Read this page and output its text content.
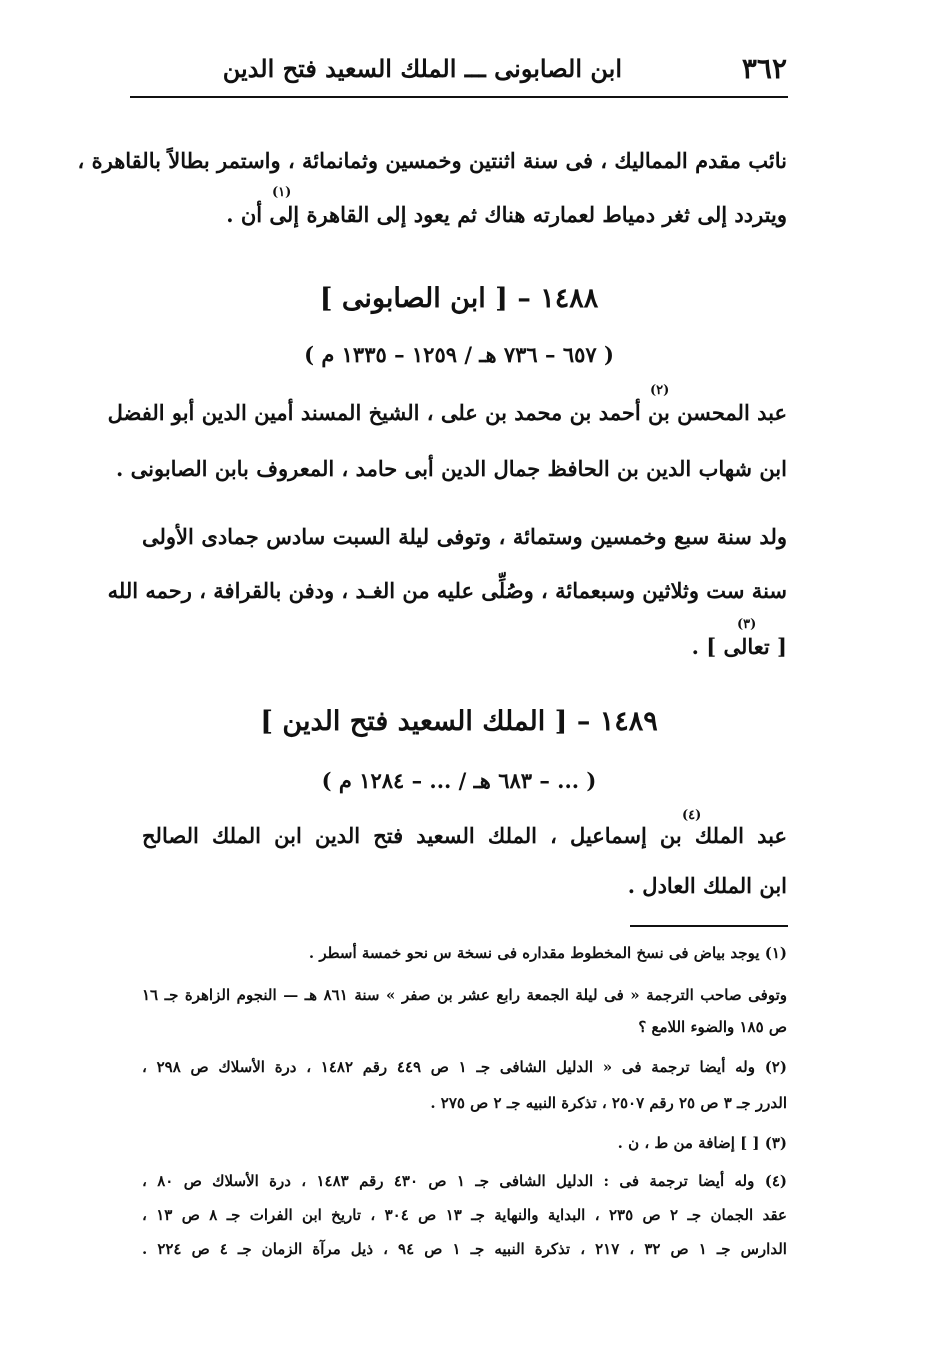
٣٦٢
ابن الصابونى ـــ الملك السعيد فتح الدين
نائب مقدم المماليك ، فى سنة اثنتين وخمسين وثمانمائة ، واستمر بطالاً بالقاهرة ،
(١)
ويتردد إلى ثغر دمياط لعمارته هناك ثم يعود إلى القاهرة إلى أن .
١٤٨٨ – [ ابن الصابونى ]
( ٦٥٧ – ٧٣٦ هـ / ١٢٥٩ – ١٣٣٥ م )
(٢)
عبد المحسن بن أحمد بن محمد بن على ، الشيخ المسند أمين الدين أبو الفضل
ابن شهاب الدين بن الحافظ جمال الدين أبى حامد ، المعروف بابن الصابونى .
ولد سنة سبع وخمسين وستمائة ، وتوفى ليلة السبت سادس جمادى الأولى
سنة ست وثلاثين وسبعمائة ، وصُلِّى عليه من الغـد ، ودفن بالقرافة ، رحمه الله
(٣)
[ تعالى ] .
١٤٨٩ – [ الملك السعيد فتح الدين ]
( ... – ٦٨٣ هـ / ... – ١٢٨٤ م )
(٤)
عبد الملك بن إسماعيل ، الملك السعيد فتح الدين ابن الملك الصالح
ابن الملك العادل .
(١) يوجد بياض فى نسخ المخطوط مقداره فى نسخة س نحو خمسة أسطر .
وتوفى صاحب الترجمة « فى ليلة الجمعة رابع عشر بن صفر » سنة ٨٦١ هـ — النجوم الزاهرة جـ ١٦
ص ١٨٥ والضوء اللامع ؟
(٢) وله أيضا ترجمة فى « الدليل الشافى جـ ١ ص ٤٤٩ رقم ١٤٨٢ ، درة الأسلاك ص ٢٩٨ ،
الدرر جـ ٣ ص ٢٥ رقم ٢٥٠٧ ، تذكرة النبيه جـ ٢ ص ٢٧٥ .
(٣) [ ] إضافة من ط ، ن .
(٤) وله أيضا ترجمة فى : الدليل الشافى جـ ١ ص ٤٣٠ رقم ١٤٨٣ ، درة الأسلاك ص ٨٠ ،
عقد الجمان جـ ٢ ص ٢٣٥ ، البداية والنهاية جـ ١٣ ص ٣٠٤ ، تاريخ ابن الفرات جـ ٨ ص ١٣ ،
الدارس جـ ١ ص ٣٢ ، ٢١٧ ، تذكرة النبيه جـ ١ ص ٩٤ ، ذيل مرآة الزمان جـ ٤ ص ٢٢٤ .
